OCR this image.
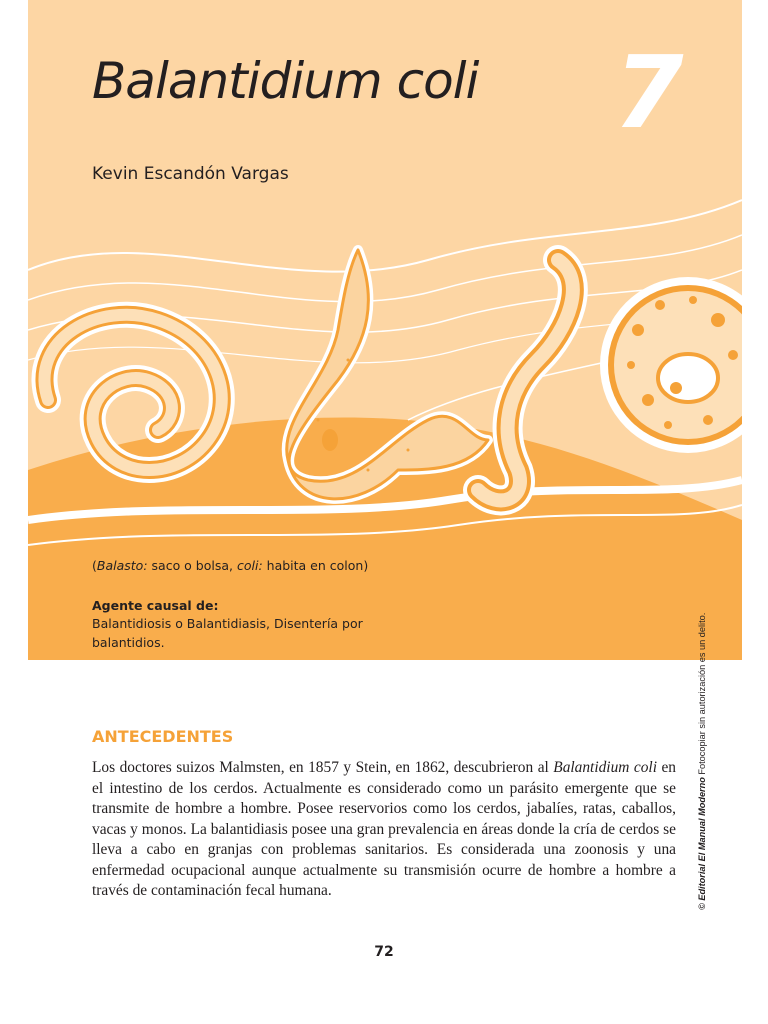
Balantidium coli 7
Kevin Escandón Vargas
(Balasto: saco o bolsa, coli: habita en colon)
Agente causal de:
Balantidiosis o Balantidiasis, Disentería por balantidios.
© Editorial El Manual Moderno Fotocopiar sin autorización es un delito.
ANTECEDENTES

Los doctores suizos Malmsten, en 1857 y Stein, en 1862, descubrieron al Balantidium coli en el intestino de los cerdos. Actualmente es considerado como un parásito emergente que se transmite de hombre a hombre. Posee reservorios como los cerdos, jabalíes, ratas, caballos, vacas y monos. La balantidiasis posee una gran prevalencia en áreas donde la cría de cerdos se lleva a cabo en granjas con problemas sanitarios. Es considerada una zoonosis y una enfermedad ocupacional aunque actualmente su transmisión ocurre de hombre a hombre a través de contaminación fecal humana.

72
